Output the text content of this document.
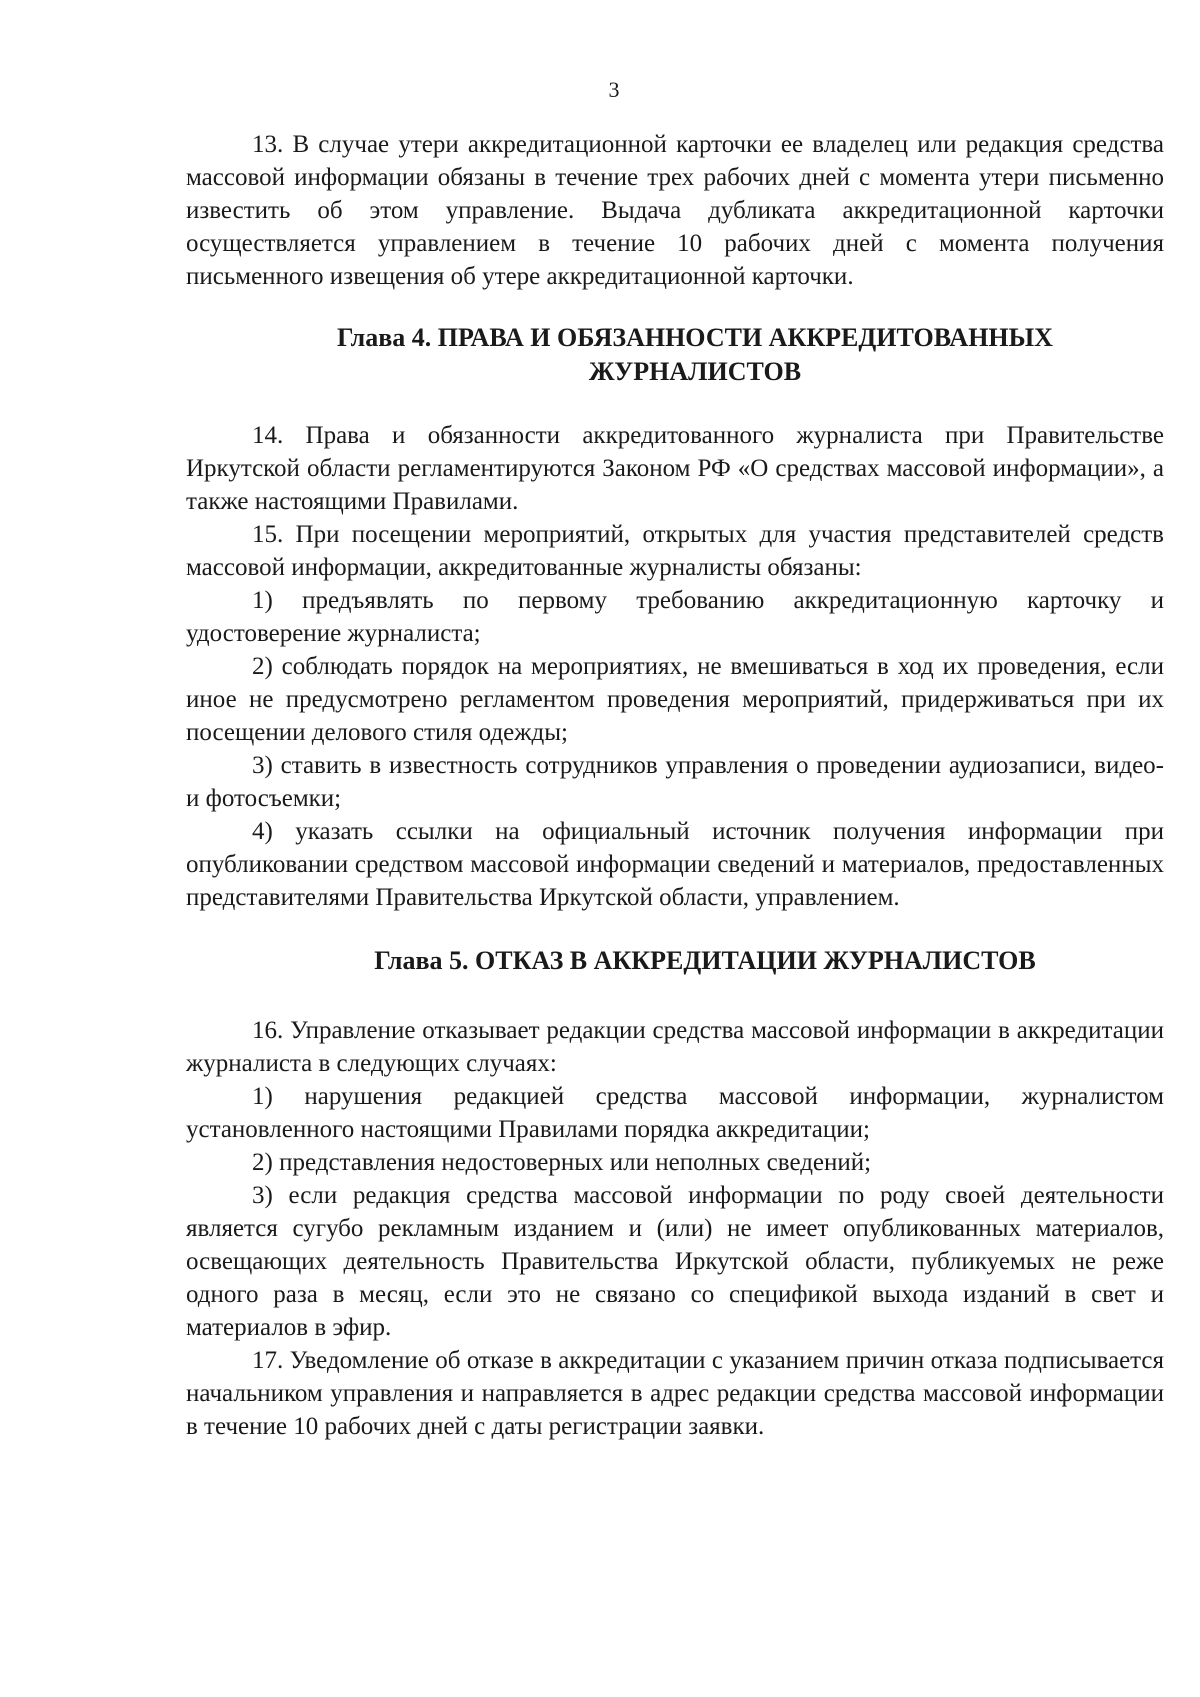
3

13. В случае утери аккредитационной карточки ее владелец или редакция средства массовой информации обязаны в течение трех рабочих дней с момента утери письменно известить об этом управление. Выдача дубликата аккредитационной карточки осуществляется управлением в течение 10 рабочих дней с момента получения письменного извещения об утере аккредитационной карточки.

Глава 4. ПРАВА И ОБЯЗАННОСТИ АККРЕДИТОВАННЫХ
ЖУРНАЛИСТОВ

14. Права и обязанности аккредитованного журналиста при Правительстве Иркутской области регламентируются Законом РФ «О средствах массовой информации», а также настоящими Правилами.

15. При посещении мероприятий, открытых для участия представителей средств массовой информации, аккредитованные журналисты обязаны:

1) предъявлять по первому требованию аккредитационную карточку и удостоверение журналиста;

2) соблюдать порядок на мероприятиях, не вмешиваться в ход их проведения, если иное не предусмотрено регламентом проведения мероприятий, придерживаться при их посещении делового стиля одежды;

3) ставить в известность сотрудников управления о проведении аудиозаписи, видео- и фотосъемки;

4) указать ссылки на официальный источник получения информации при опубликовании средством массовой информации сведений и материалов, предоставленных представителями Правительства Иркутской области, управлением.

Глава 5. ОТКАЗ В АККРЕДИТАЦИИ ЖУРНАЛИСТОВ

16. Управление отказывает редакции средства массовой информации в аккредитации журналиста в следующих случаях:

1) нарушения редакцией средства массовой информации, журналистом установленного настоящими Правилами порядка аккредитации;

2) представления недостоверных или неполных сведений;

3) если редакция средства массовой информации по роду своей деятельности является сугубо рекламным изданием и (или) не имеет опубликованных материалов, освещающих деятельность Правительства Иркутской области, публикуемых не реже одного раза в месяц, если это не связано со спецификой выхода изданий в свет и материалов в эфир.

17. Уведомление об отказе в аккредитации с указанием причин отказа подписывается начальником управления и направляется в адрес редакции средства массовой информации в течение 10 рабочих дней с даты регистрации заявки.
